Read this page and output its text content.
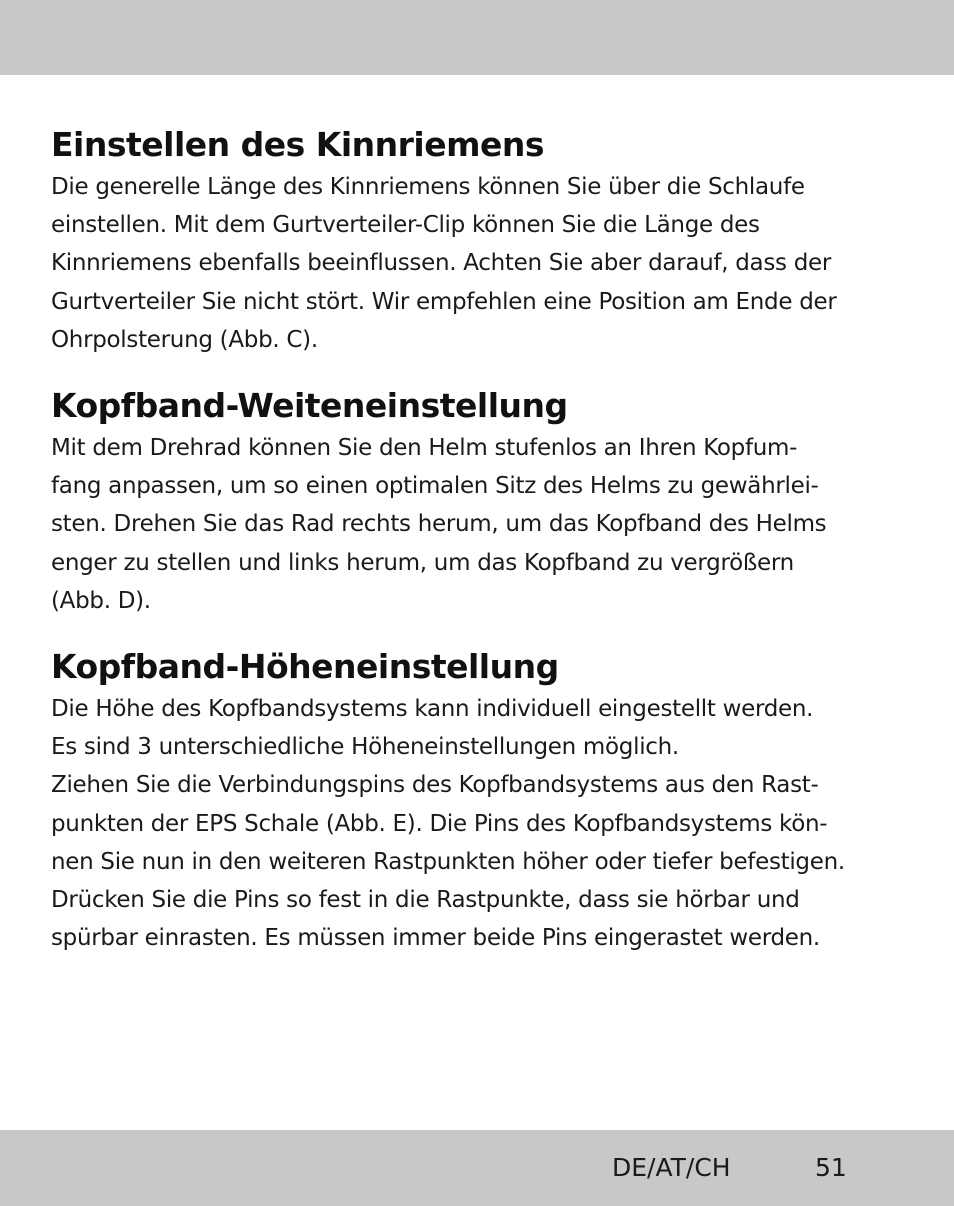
Einstellen des Kinnriemens

Die generelle Länge des Kinnriemens können Sie über die Schlaufe
einstellen. Mit dem Gurtverteiler-Clip können Sie die Länge des
Kinnriemens ebenfalls beeinflussen. Achten Sie aber darauf, dass der
Gurtverteiler Sie nicht stört. Wir empfehlen eine Position am Ende der
Ohrpolsterung (Abb. C).

Kopfband-Weiteneinstellung

Mit dem Drehrad können Sie den Helm stufenlos an Ihren Kopfum-
fang anpassen, um so einen optimalen Sitz des Helms zu gewährlei-
sten. Drehen Sie das Rad rechts herum, um das Kopfband des Helms
enger zu stellen und links herum, um das Kopfband zu vergrößern
(Abb. D).

Kopfband-Höheneinstellung

Die Höhe des Kopfbandsystems kann individuell eingestellt werden.
Es sind 3 unterschiedliche Höheneinstellungen möglich.
Ziehen Sie die Verbindungspins des Kopfbandsystems aus den Rast-
punkten der EPS Schale (Abb. E). Die Pins des Kopfbandsystems kön-
nen Sie nun in den weiteren Rastpunkten höher oder tiefer befestigen.
Drücken Sie die Pins so fest in die Rastpunkte, dass sie hörbar und
spürbar einrasten. Es müssen immer beide Pins eingerastet werden.

DE/AT/CH	51
